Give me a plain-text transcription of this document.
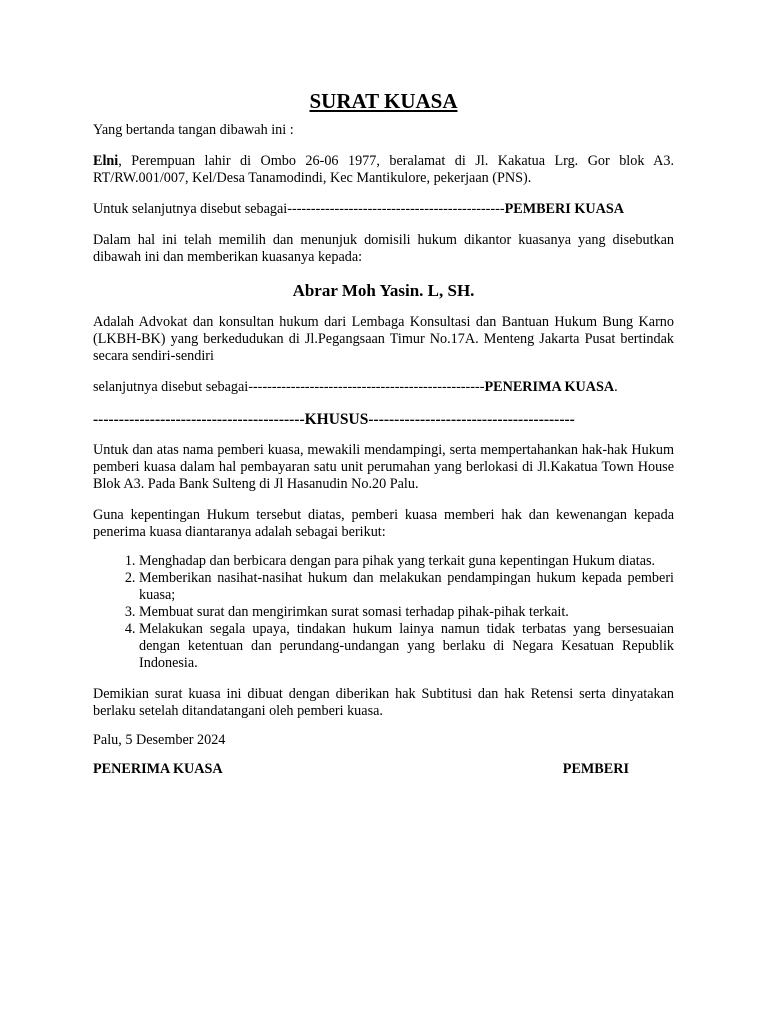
SURAT KUASA

Yang bertanda tangan dibawah ini :

Elni, Perempuan lahir di Ombo 26-06 1977, beralamat di Jl. Kakatua Lrg. Gor blok A3. RT/RW.001/007, Kel/Desa Tanamodindi, Kec Mantikulore, pekerjaan (PNS).

Untuk selanjutnya disebut sebagai----------------------------------------------PEMBERI KUASA

Dalam hal ini telah memilih dan menunjuk domisili hukum dikantor kuasanya yang disebutkan dibawah ini dan memberikan kuasanya kepada:

Abrar Moh Yasin. L, SH.

Adalah Advokat dan konsultan hukum dari Lembaga Konsultasi dan Bantuan Hukum Bung Karno (LKBH-BK) yang berkedudukan di Jl.Pegangsaan Timur No.17A. Menteng Jakarta Pusat bertindak secara sendiri-sendiri

selanjutnya disebut sebagai--------------------------------------------------PENERIMA KUASA.

-----------------------------------------KHUSUS----------------------------------------

Untuk dan atas nama pemberi kuasa, mewakili mendampingi, serta mempertahankan hak-hak Hukum pemberi kuasa dalam hal pembayaran satu unit perumahan yang berlokasi di Jl.Kakatua Town House Blok A3. Pada Bank Sulteng di Jl Hasanudin No.20 Palu.

Guna kepentingan Hukum tersebut diatas, pemberi kuasa memberi hak dan kewenangan kepada penerima kuasa diantaranya adalah sebagai berikut:

1. Menghadap dan berbicara dengan para pihak yang terkait guna kepentingan Hukum diatas.
2. Memberikan nasihat-nasihat hukum dan melakukan pendampingan hukum kepada pemberi kuasa;
3. Membuat surat dan mengirimkan surat somasi terhadap pihak-pihak terkait.
4. Melakukan segala upaya, tindakan hukum lainya namun tidak terbatas yang bersesuaian dengan ketentuan dan perundang-undangan yang berlaku di Negara Kesatuan Republik Indonesia.

Demikian surat kuasa ini dibuat dengan diberikan hak Subtitusi dan hak Retensi serta dinyatakan berlaku setelah ditandatangani oleh pemberi kuasa.

Palu, 5 Desember 2024

PENERIMA KUASA	PEMBERI
